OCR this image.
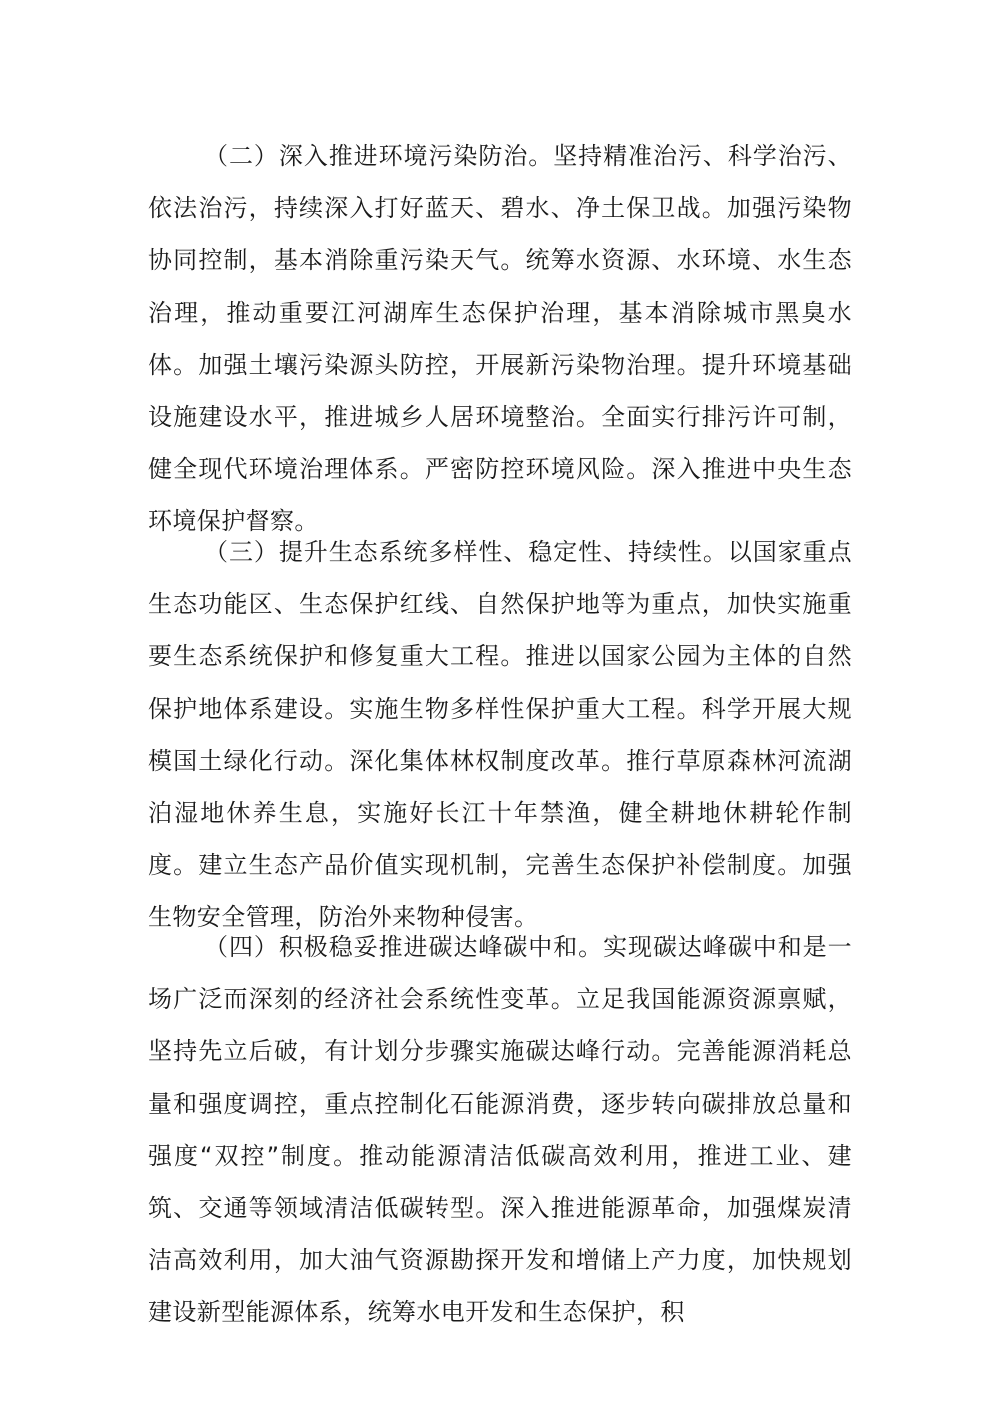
（二）深入推进环境污染防治。坚持精准治污、科学治污、依法治污，持续深入打好蓝天、碧水、净土保卫战。加强污染物协同控制，基本消除重污染天气。统筹水资源、水环境、水生态治理，推动重要江河湖库生态保护治理，基本消除城市黑臭水体。加强土壤污染源头防控，开展新污染物治理。提升环境基础设施建设水平，推进城乡人居环境整治。全面实行排污许可制，健全现代环境治理体系。严密防控环境风险。深入推进中央生态环境保护督察。

（三）提升生态系统多样性、稳定性、持续性。以国家重点生态功能区、生态保护红线、自然保护地等为重点，加快实施重要生态系统保护和修复重大工程。推进以国家公园为主体的自然保护地体系建设。实施生物多样性保护重大工程。科学开展大规模国土绿化行动。深化集体林权制度改革。推行草原森林河流湖泊湿地休养生息，实施好长江十年禁渔，健全耕地休耕轮作制度。建立生态产品价值实现机制，完善生态保护补偿制度。加强生物安全管理，防治外来物种侵害。

（四）积极稳妥推进碳达峰碳中和。实现碳达峰碳中和是一场广泛而深刻的经济社会系统性变革。立足我国能源资源禀赋，坚持先立后破，有计划分步骤实施碳达峰行动。完善能源消耗总量和强度调控，重点控制化石能源消费，逐步转向碳排放总量和强度“双控”制度。推动能源清洁低碳高效利用，推进工业、建筑、交通等领域清洁低碳转型。深入推进能源革命，加强煤炭清洁高效利用，加大油气资源勘探开发和增储上产力度，加快规划建设新型能源体系，统筹水电开发和生态保护，积
